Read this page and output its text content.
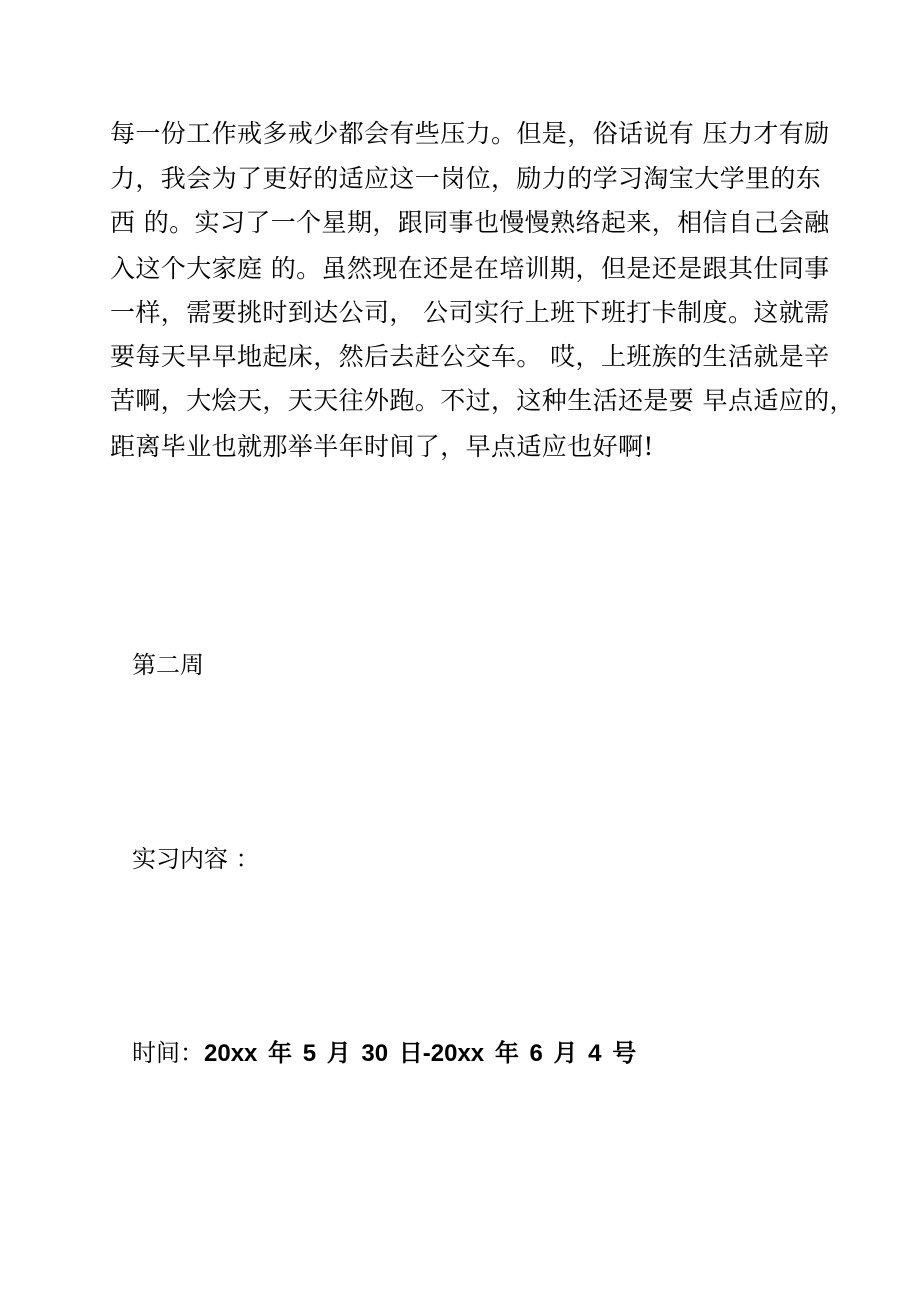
每一份工作戒多戒少都会有些压力。但是，俗话说有 压力才有励
力，我会为了更好的适应这一岗位，励力的学习淘宝大学里的东
西 的。实习了一个星期，跟同事也慢慢熟络起来，相信自己会融
入这个大家庭 的。虽然现在还是在培训期，但是还是跟其仕同事
一样，需要挑时到达公司， 公司实行上班下班打卡制度。这就需
要每天早早地起床，然后去赶公交车。 哎，上班族的生活就是辛
苦啊，大烩天，天天往外跑。不过，这种生活还是要 早点适应的，
距离毕业也就那举半年时间了，早点适应也好啊!
第二周
实习内容 ：
时间：20xx 年 5 月 30 日-20xx 年 6 月 4 号
